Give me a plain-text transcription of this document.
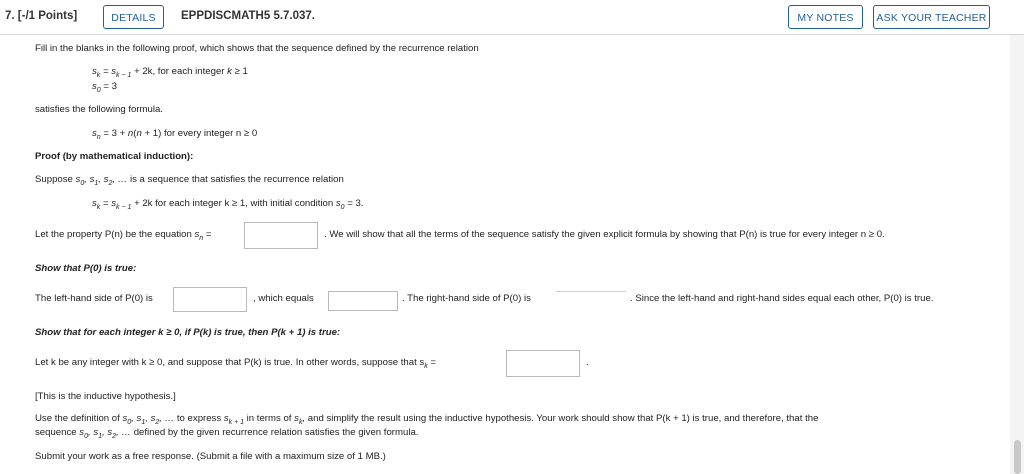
7. [-/1 Points]	DETAILS	EPPDISCMATH5 5.7.037.	MY NOTES	ASK YOUR TEACHER
Fill in the blanks in the following proof, which shows that the sequence defined by the recurrence relation
$s_k = s_{k - 1} + 2k$, for each integer k ≥ 1
$s_0 = 3$
satisfies the following formula.
$s_n = 3 + n(n + 1)$ for every integer n ≥ 0
Proof (by mathematical induction):
Suppose $s_0$, $s_1$, $s_2$, … is a sequence that satisfies the recurrence relation
$s_k = s_{k - 1} + 2k$ for each integer k ≥ 1, with initial condition $s_0 = 3$.
Let the property P(n) be the equation $s_n$ =	. We will show that all the terms of the sequence satisfy the given explicit formula by showing that P(n) is true for every integer n ≥ 0.
Show that P(0) is true:
The left-hand side of P(0) is	, which equals	. The right-hand side of P(0) is	. Since the left-hand and right-hand sides equal each other, P(0) is true.
Show that for each integer k ≥ 0, if P(k) is true, then P(k + 1) is true:
Let k be any integer with k ≥ 0, and suppose that P(k) is true. In other words, suppose that $s_k$ =	.
[This is the inductive hypothesis.]
Use the definition of $s_0$, $s_1$, $s_2$, … to express $s_{k + 1}$ in terms of $s_k$, and simplify the result using the inductive hypothesis. Your work should show that P(k + 1) is true, and therefore, that the
sequence $s_0$, $s_1$, $s_2$, … defined by the given recurrence relation satisfies the given formula.
Submit your work as a free response. (Submit a file with a maximum size of 1 MB.)
